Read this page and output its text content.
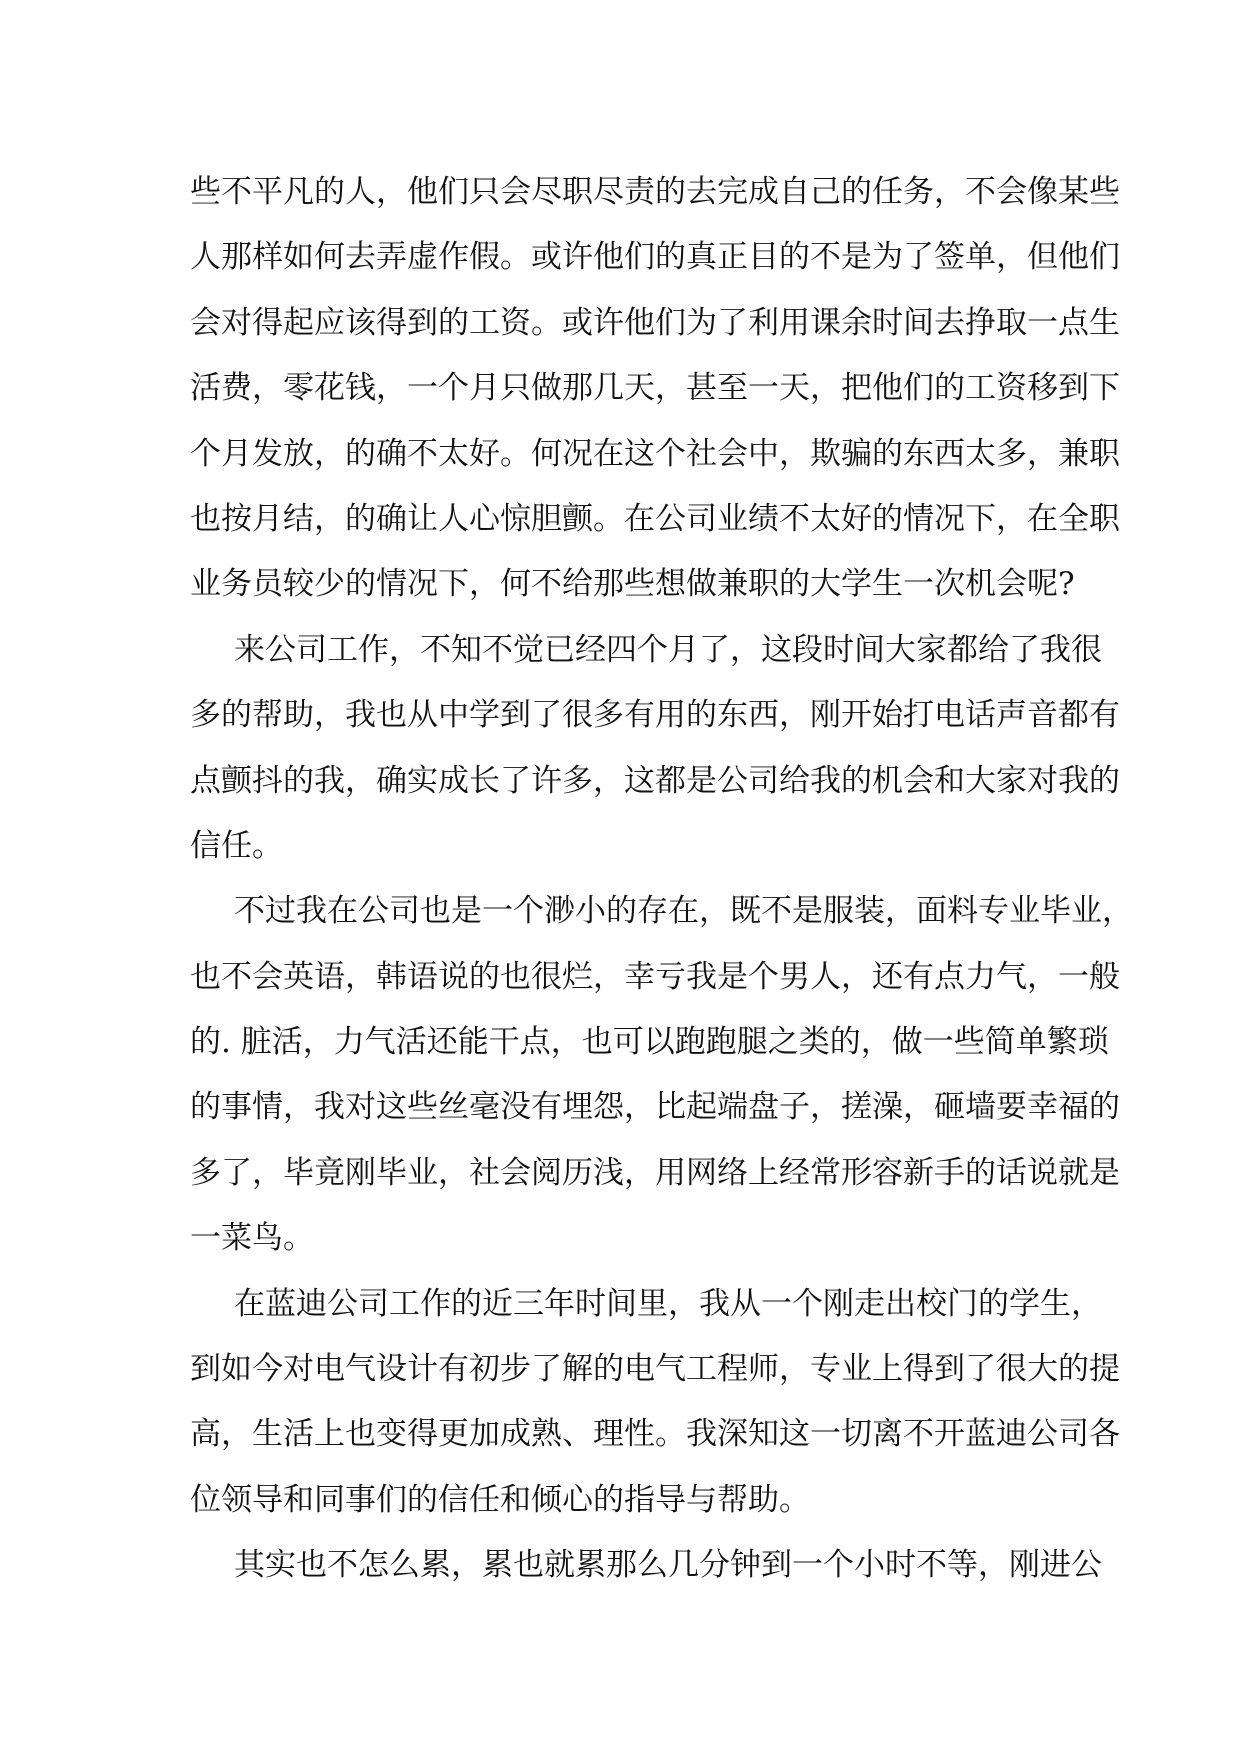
些不平凡的人，他们只会尽职尽责的去完成自己的任务，不会像某些
人那样如何去弄虚作假。或许他们的真正目的不是为了签单，但他们
会对得起应该得到的工资。或许他们为了利用课余时间去挣取一点生
活费，零花钱，一个月只做那几天，甚至一天，把他们的工资移到下
个月发放，的确不太好。何况在这个社会中，欺骗的东西太多，兼职
也按月结，的确让人心惊胆颤。在公司业绩不太好的情况下，在全职
业务员较少的情况下，何不给那些想做兼职的大学生一次机会呢?
来公司工作，不知不觉已经四个月了，这段时间大家都给了我很
多的帮助，我也从中学到了很多有用的东西，刚开始打电话声音都有
点颤抖的我，确实成长了许多，这都是公司给我的机会和大家对我的
信任。
不过我在公司也是一个渺小的存在，既不是服装，面料专业毕业，
也不会英语，韩语说的也很烂，幸亏我是个男人，还有点力气，一般
的. 脏活，力气活还能干点，也可以跑跑腿之类的，做一些简单繁琐
的事情，我对这些丝毫没有埋怨，比起端盘子，搓澡，砸墙要幸福的
多了，毕竟刚毕业，社会阅历浅，用网络上经常形容新手的话说就是
一菜鸟。
在蓝迪公司工作的近三年时间里，我从一个刚走出校门的学生，
到如今对电气设计有初步了解的电气工程师，专业上得到了很大的提
高，生活上也变得更加成熟、理性。我深知这一切离不开蓝迪公司各
位领导和同事们的信任和倾心的指导与帮助。
其实也不怎么累，累也就累那么几分钟到一个小时不等，刚进公
